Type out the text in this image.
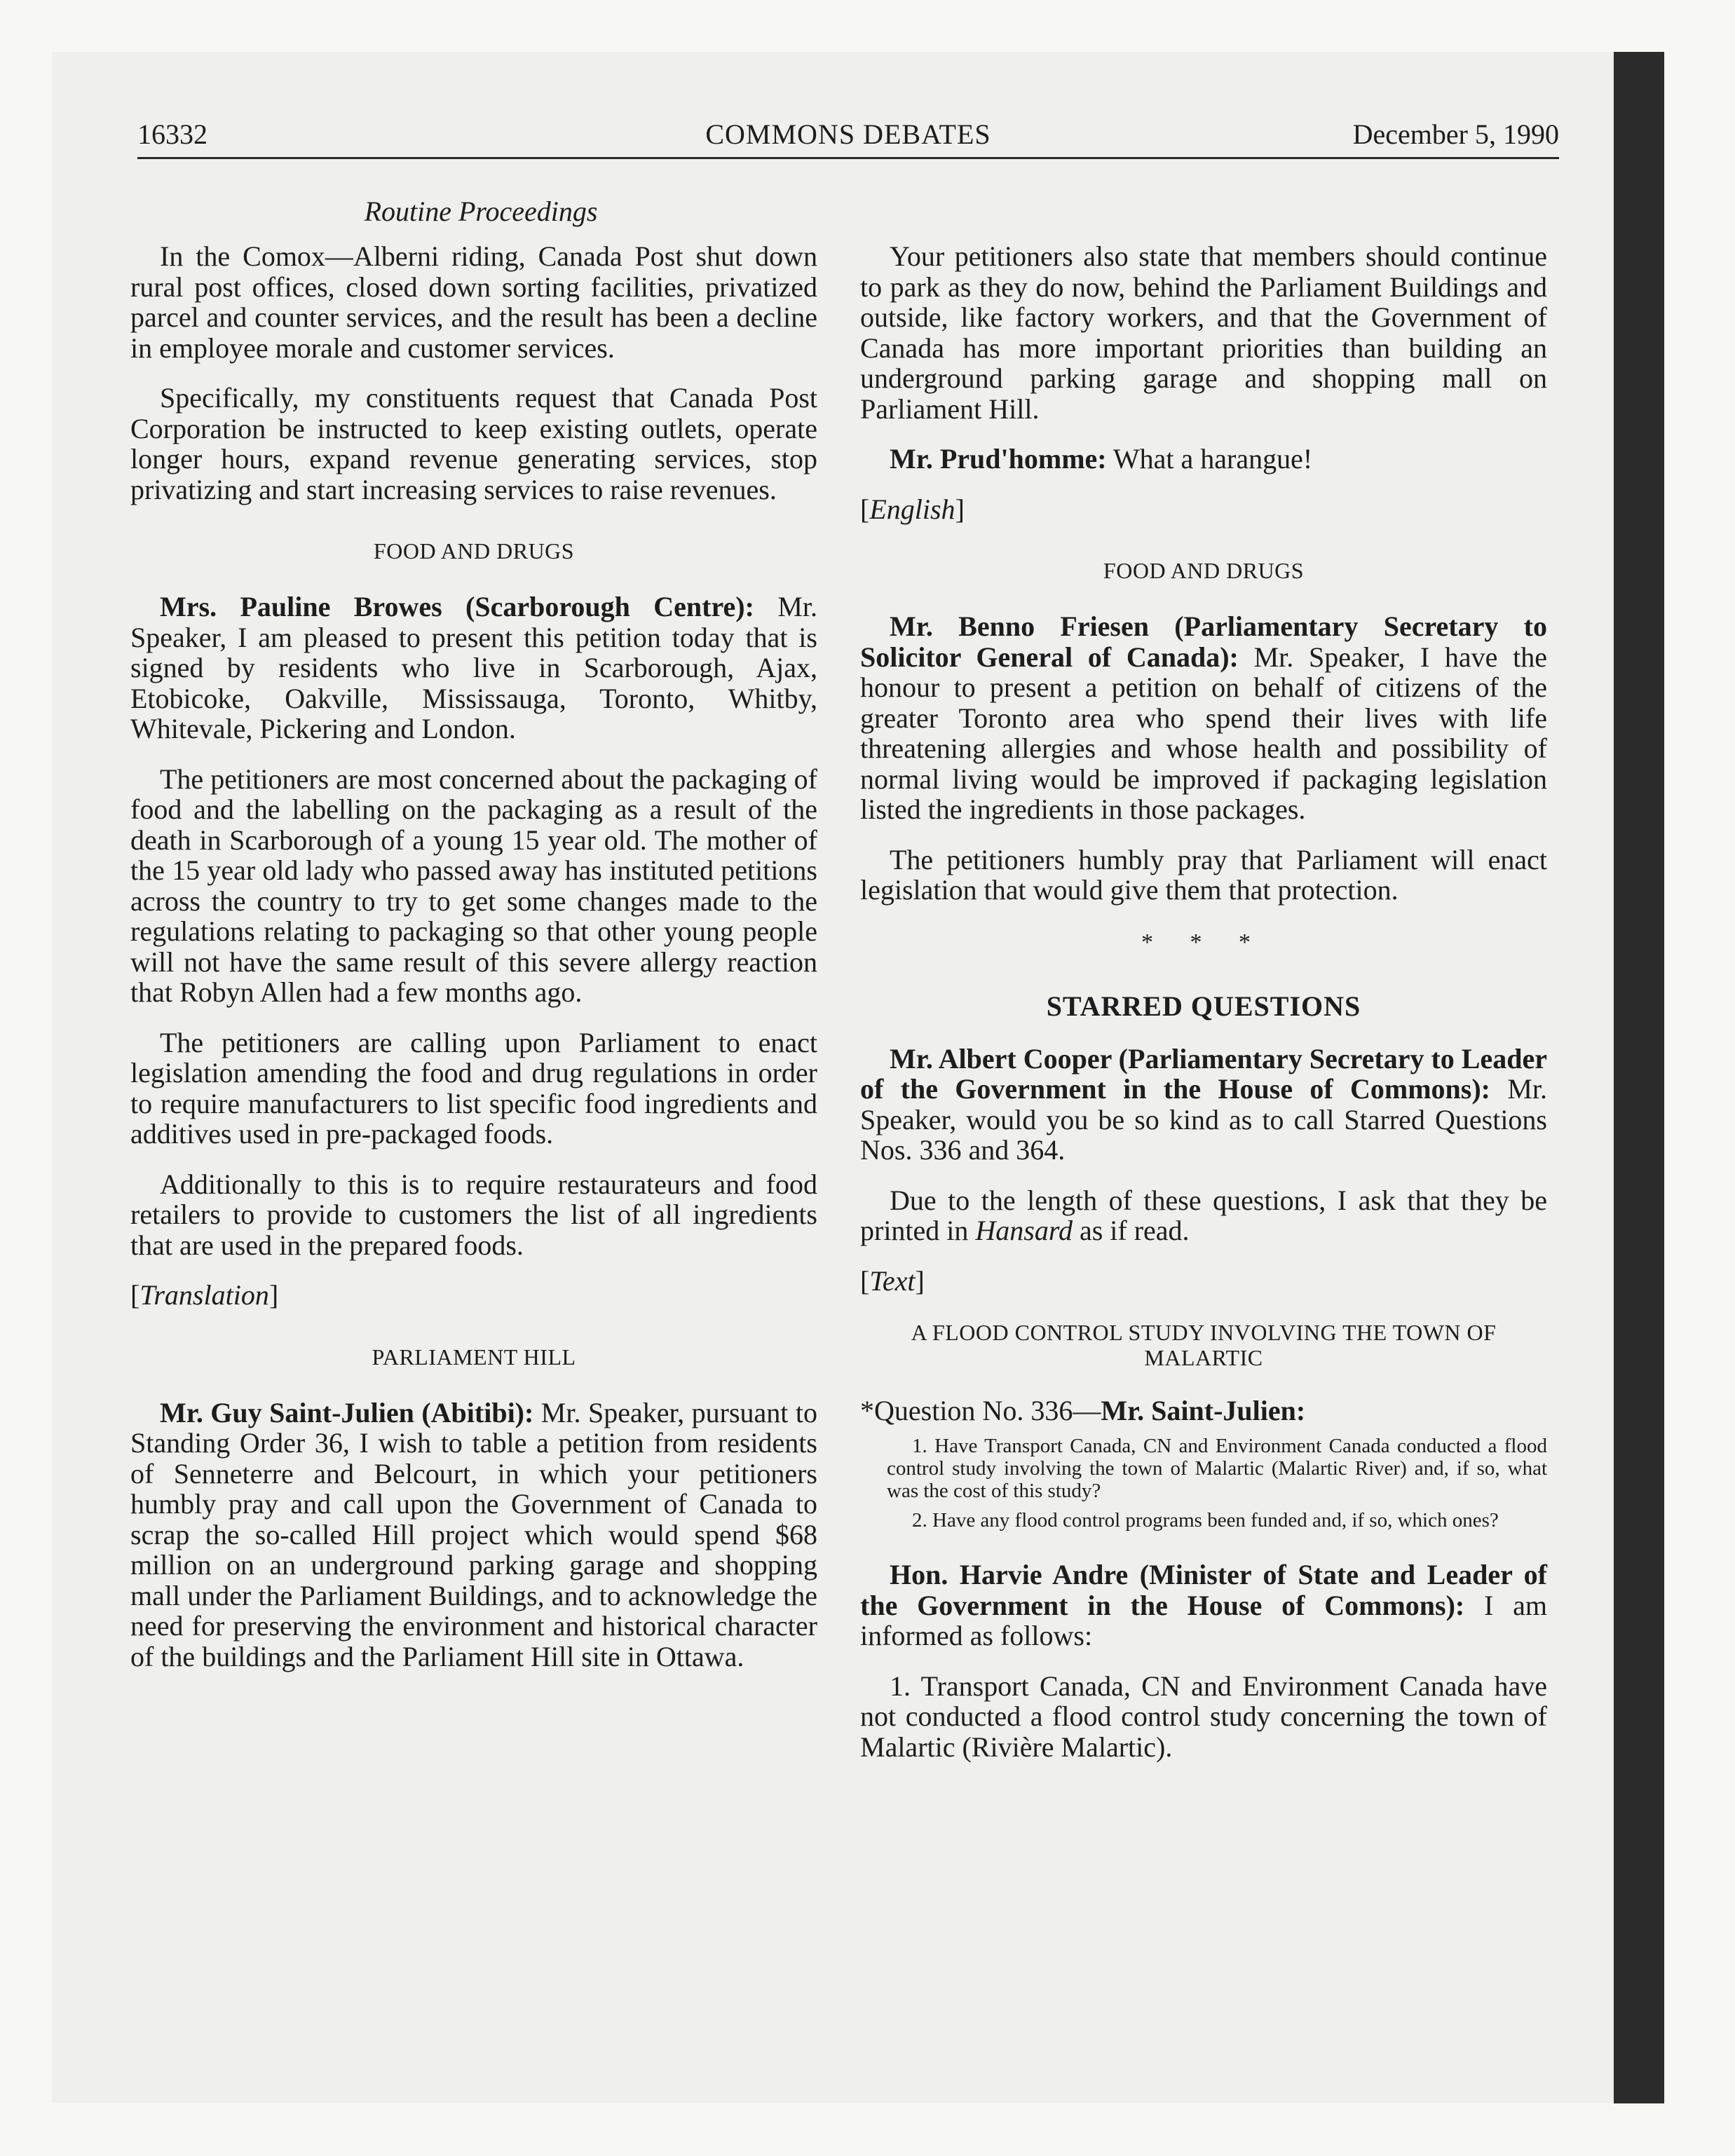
16332	COMMONS DEBATES	December 5, 1990
Routine Proceedings

In the Comox—Alberni riding, Canada Post shut down rural post offices, closed down sorting facilities, privatized parcel and counter services, and the result has been a decline in employee morale and customer services.

Specifically, my constituents request that Canada Post Corporation be instructed to keep existing outlets, operate longer hours, expand revenue generating services, stop privatizing and start increasing services to raise revenues.

FOOD AND DRUGS

Mrs. Pauline Browes (Scarborough Centre): Mr. Speaker, I am pleased to present this petition today that is signed by residents who live in Scarborough, Ajax, Etobicoke, Oakville, Mississauga, Toronto, Whitby, Whitevale, Pickering and London.

The petitioners are most concerned about the packaging of food and the labelling on the packaging as a result of the death in Scarborough of a young 15 year old. The mother of the 15 year old lady who passed away has instituted petitions across the country to try to get some changes made to the regulations relating to packaging so that other young people will not have the same result of this severe allergy reaction that Robyn Allen had a few months ago.

The petitioners are calling upon Parliament to enact legislation amending the food and drug regulations in order to require manufacturers to list specific food ingredients and additives used in pre-packaged foods.

Additionally to this is to require restaurateurs and food retailers to provide to customers the list of all ingredients that are used in the prepared foods.

[Translation]
PARLIAMENT HILL

Mr. Guy Saint-Julien (Abitibi): Mr. Speaker, pursuant to Standing Order 36, I wish to table a petition from residents of Senneterre and Belcourt, in which your petitioners humbly pray and call upon the Government of Canada to scrap the so-called Hill project which would spend $68 million on an underground parking garage and shopping mall under the Parliament Buildings, and to acknowledge the need for preserving the environment and historical character of the buildings and the Parliament Hill site in Ottawa.

Your petitioners also state that members should continue to park as they do now, behind the Parliament Buildings and outside, like factory workers, and that the Government of Canada has more important priorities than building an underground parking garage and shopping mall on Parliament Hill.

Mr. Prud'homme: What a harangue!

[English]
FOOD AND DRUGS

Mr. Benno Friesen (Parliamentary Secretary to Solicitor General of Canada): Mr. Speaker, I have the honour to present a petition on behalf of citizens of the greater Toronto area who spend their lives with life threatening allergies and whose health and possibility of normal living would be improved if packaging legislation listed the ingredients in those packages.

The petitioners humbly pray that Parliament will enact legislation that would give them that protection.

* * *
STARRED QUESTIONS

Mr. Albert Cooper (Parliamentary Secretary to Leader of the Government in the House of Commons): Mr. Speaker, would you be so kind as to call Starred Questions Nos. 336 and 364.

Due to the length of these questions, I ask that they be printed in Hansard as if read.

[Text]
A FLOOD CONTROL STUDY INVOLVING THE TOWN OF MALARTIC
*Question No. 336—Mr. Saint-Julien:

1. Have Transport Canada, CN and Environment Canada conducted a flood control study involving the town of Malartic (Malartic River) and, if so, what was the cost of this study?

2. Have any flood control programs been funded and, if so, which ones?

Hon. Harvie Andre (Minister of State and Leader of the Government in the House of Commons): I am informed as follows:

1. Transport Canada, CN and Environment Canada have not conducted a flood control study concerning the town of Malartic (Rivière Malartic).
